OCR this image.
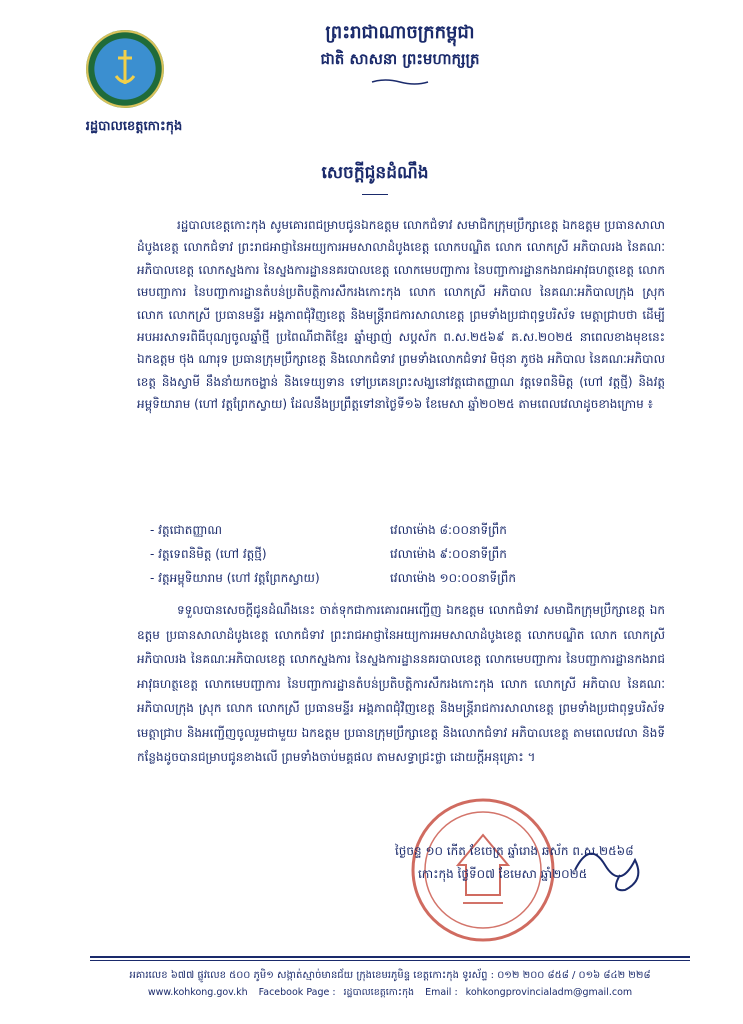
រដ្ឋបាលខេត្តកោះកុង
ព្រះរាជាណាចក្រកម្ពុជា
ជាតិ សាសនា ព្រះមហាក្សត្រ
សេចក្តីជូនដំណឹង

រដ្ឋបាលខេត្តកោះកុង សូមគោរពជម្រាបជូនឯកឧត្តម លោកជំទាវ សមាជិកក្រុមប្រឹក្សាខេត្ត ឯកឧត្តម ប្រធានសាលាដំបូងខេត្ត លោកជំទាវ ព្រះរាជអាជ្ញានៃអយ្យការអមសាលាដំបូងខេត្ត លោកបណ្ឌិត លោក លោកស្រី អភិបាលរង នៃគណៈអភិបាលខេត្ត លោកស្នងការ នៃស្នងការដ្ឋាននគរបាលខេត្ត លោកមេបញ្ជាការ នៃបញ្ជាការដ្ឋានកងរាជអាវុធហត្ថខេត្ត លោកមេបញ្ជាការ នៃបញ្ជាការដ្ឋានតំបន់ប្រតិបត្តិការសឹករងកោះកុង លោក លោកស្រី អភិបាល នៃគណៈអភិបាលក្រុង ស្រុក លោក លោកស្រី ប្រធានមន្ទីរ អង្គភាពជុំវិញខេត្ត និងមន្ត្រីរាជការសាលាខេត្ត ព្រមទាំងប្រជាពុទ្ធបរិស័ទ មេត្តាជ្រាបថា ដើម្បីអបអរសាទរពិធីបុណ្យចូលឆ្នាំថ្មី ប្រពៃណីជាតិខ្មែរ ឆ្នាំម្សាញ់ សប្តស័ក ព.ស.២៥៦៩ គ.ស.២០២៥ នាពេលខាងមុខនេះ ឯកឧត្តម ថុង ណារុទ ប្រធានក្រុមប្រឹក្សាខេត្ត និងលោកជំទាវ ព្រមទាំងលោកជំទាវ មិថុនា ភូថង អភិបាល នៃគណៈអភិបាលខេត្ត និងស្វាមី នឹងនាំយកចង្ហាន់ និងទេយ្យទាន ទៅប្រគេនព្រះសង្ឃនៅវត្តជោតញ្ញាណ វត្តទេពនិមិត្ត (ហៅ វត្តថ្មី) និងវត្តអម្ពុទិយារាម (ហៅ វត្តព្រែកស្វាយ) ដែលនឹងប្រព្រឹត្តទៅនាថ្ងៃទី១៦ ខែមេសា ឆ្នាំ២០២៥ តាមពេលវេលាដូចខាងក្រោម ៖

- វត្តជោតញ្ញាណ	វេលាម៉ោង ៨:០០នាទីព្រឹក
- វត្តទេពនិមិត្ត (ហៅ វត្តថ្មី)	វេលាម៉ោង ៩:០០នាទីព្រឹក
- វត្តអម្ពុទិយារាម (ហៅ វត្តព្រែកស្វាយ)	វេលាម៉ោង ១០:០០នាទីព្រឹក

ទទួលបានសេចក្តីជូនដំណឹងនេះ ចាត់ទុកជាការគោរពអញ្ជើញ ឯកឧត្តម លោកជំទាវ សមាជិកក្រុមប្រឹក្សាខេត្ត ឯកឧត្តម ប្រធានសាលាដំបូងខេត្ត លោកជំទាវ ព្រះរាជអាជ្ញានៃអយ្យការអមសាលាដំបូងខេត្ត លោកបណ្ឌិត លោក លោកស្រី អភិបាលរង នៃគណៈអភិបាលខេត្ត លោកស្នងការ នៃស្នងការដ្ឋាននគរបាលខេត្ត លោកមេបញ្ជាការ នៃបញ្ជាការដ្ឋានកងរាជអាវុធហត្ថខេត្ត លោកមេបញ្ជាការ នៃបញ្ជាការដ្ឋានតំបន់ប្រតិបត្តិការសឹករងកោះកុង លោក លោកស្រី អភិបាល នៃគណៈអភិបាលក្រុង ស្រុក លោក លោកស្រី ប្រធានមន្ទីរ អង្គភាពជុំវិញខេត្ត និងមន្ត្រីរាជការសាលាខេត្ត ព្រមទាំងប្រជាពុទ្ធបរិស័ទ មេត្តាជ្រាប និងអញ្ជើញចូលរួមជាមួយ ឯកឧត្តម ប្រធានក្រុមប្រឹក្សាខេត្ត និងលោកជំទាវ អភិបាលខេត្ត តាមពេលវេលា និងទីកន្លែងដូចបានជម្រាបជូនខាងលើ ព្រមទាំងចាប់មគ្គផល តាមសទ្ធាជ្រះថ្លា ដោយក្តីអនុគ្រោះ ។

ថ្ងៃចន្ទ ១០ កើត ខែចេត្រ ឆ្នាំរោង ឆស័ក ព.ស.២៥៦៨
កោះកុង ថ្ងៃទី០៧ ខែមេសា ឆ្នាំ២០២៥
អគារលេខ ៦៧៧ ផ្លូវលេខ ៥០០ ភូមិ១ សង្កាត់ស្មាច់មានជ័យ ក្រុងខេមរភូមិន្ទ ខេត្តកោះកុង ទូរស័ព្ទ : ០១២ ២០០ ៨៥៨ / ០១៦ ៨៤២ ២២៨
www.kohkong.gov.kh Facebook Page : រដ្ឋបាលខេត្តកោះកុង Email : kohkongprovincialadm@gmail.com
